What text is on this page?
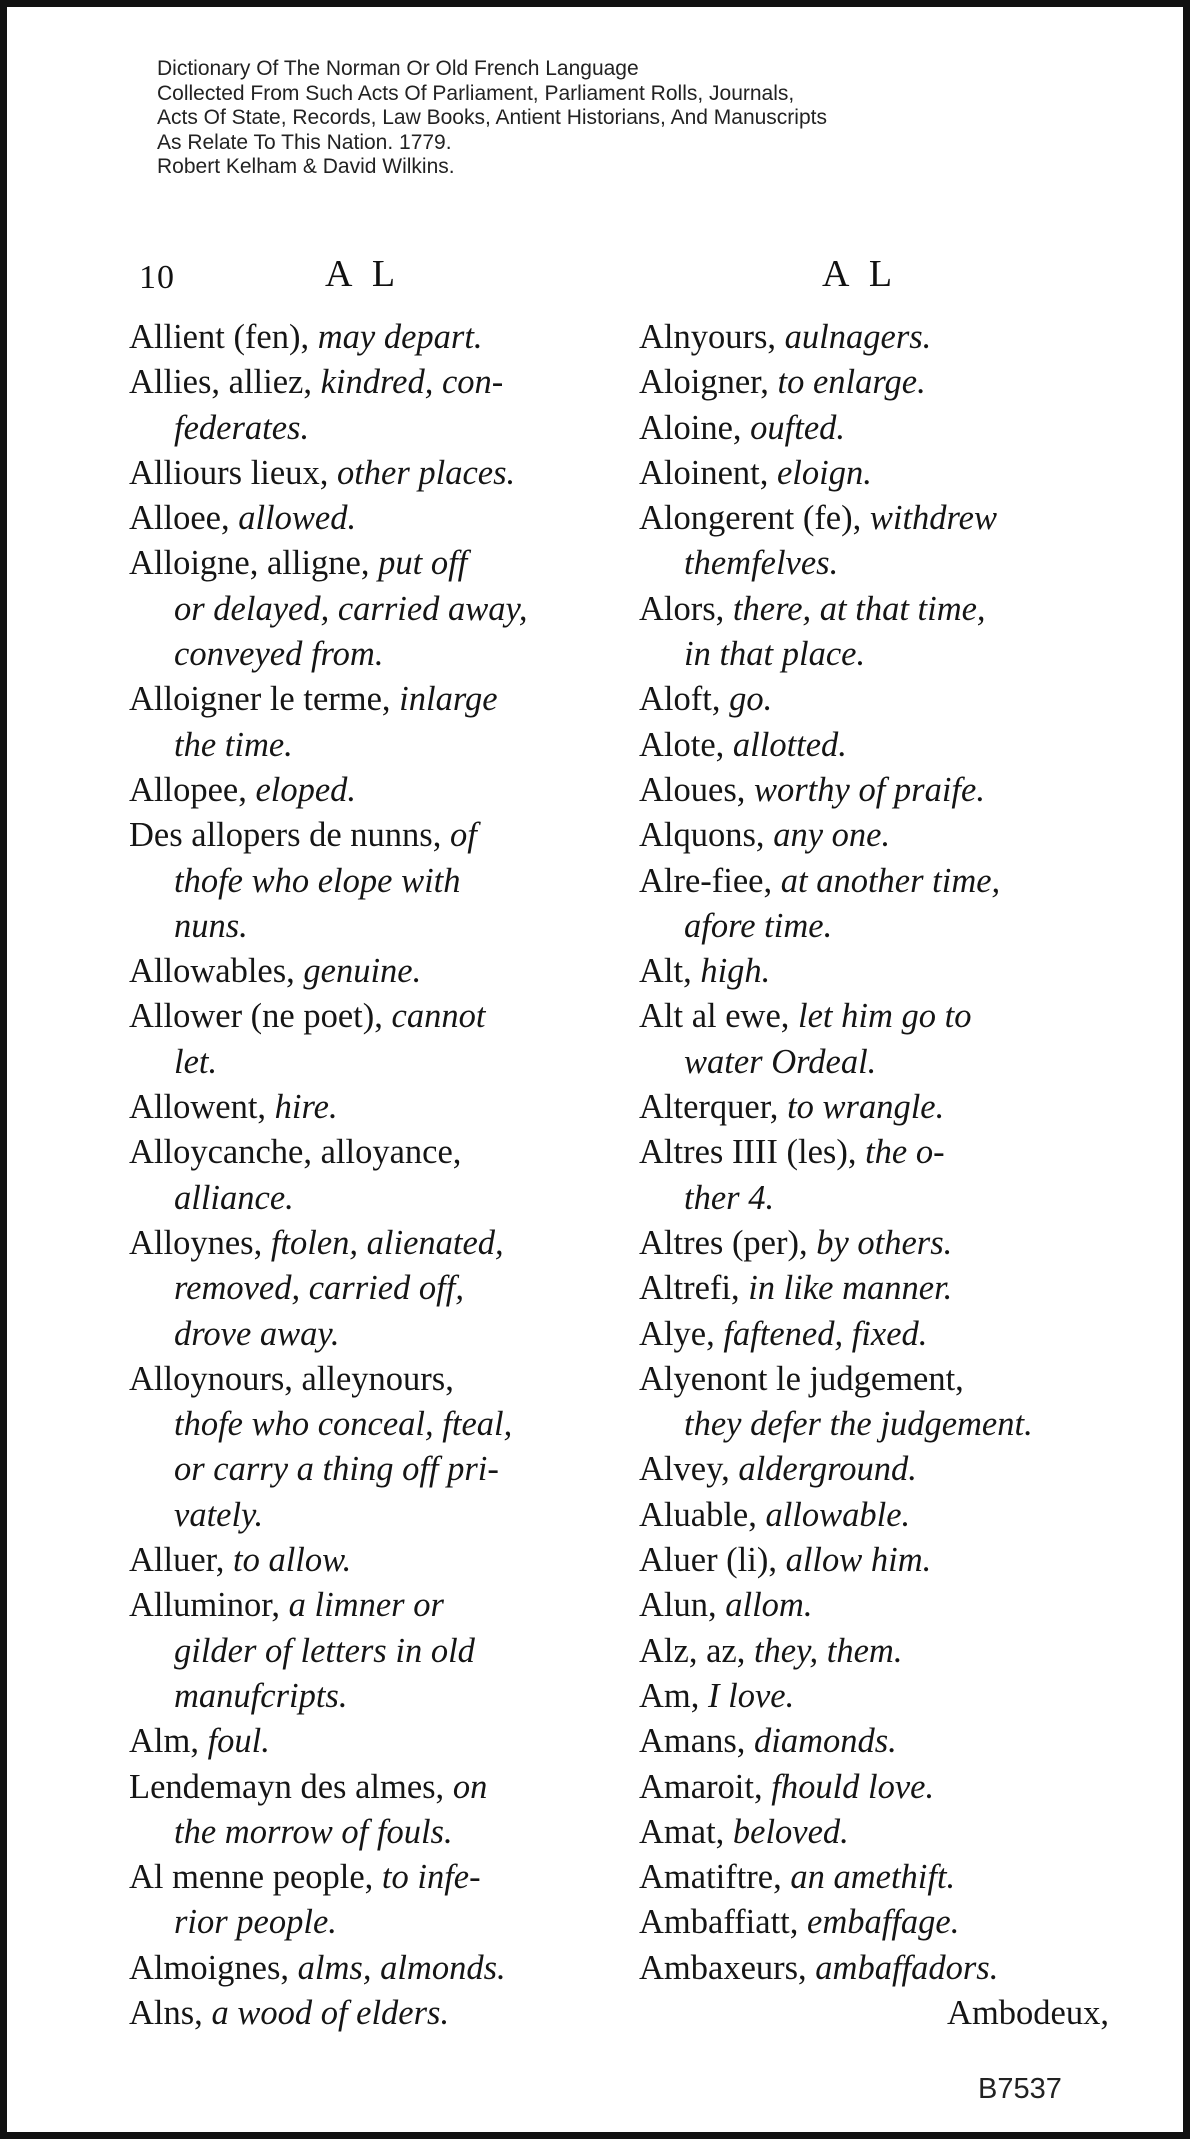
Dictionary Of The Norman Or Old French Language
Collected From Such Acts Of Parliament, Parliament Rolls, Journals,
Acts Of State, Records, Law Books, Antient Historians, And Manuscripts
As Relate To This Nation. 1779.
Robert Kelham & David Wilkins.
10	A L	A L
Allient (fen), may depart.
Allies, alliez, kindred, con-
federates.
Alliours lieux, other places.
Alloee, allowed.
Alloigne, alligne, put off
or delayed, carried away,
conveyed from.
Alloigner le terme, inlarge
the time.
Allopee, eloped.
Des allopers de nunns, of
thofe who elope with
nuns.
Allowables, genuine.
Allower (ne poet), cannot
let.
Allowent, hire.
Alloycanche, alloyance,
alliance.
Alloynes, ftolen, alienated,
removed, carried off,
drove away.
Alloynours, alleynours,
thofe who conceal, fteal,
or carry a thing off pri-
vately.
Alluer, to allow.
Alluminor, a limner or
gilder of letters in old
manufcripts.
Alm, foul.
Lendemayn des almes, on
the morrow of fouls.
Al menne people, to infe-
rior people.
Almoignes, alms, almonds.
Alns, a wood of elders.
Alnyours, aulnagers.
Aloigner, to enlarge.
Aloine, oufted.
Aloinent, eloign.
Alongerent (fe), withdrew
themfelves.
Alors, there, at that time,
in that place.
Aloft, go.
Alote, allotted.
Aloues, worthy of praife.
Alquons, any one.
Alre-fiee, at another time,
afore time.
Alt, high.
Alt al ewe, let him go to
water Ordeal.
Alterquer, to wrangle.
Altres IIII (les), the o-
ther 4.
Altres (per), by others.
Altrefi, in like manner.
Alye, faftened, fixed.
Alyenont le judgement,
they defer the judgement.
Alvey, alderground.
Aluable, allowable.
Aluer (li), allow him.
Alun, allom.
Alz, az, they, them.
Am, I love.
Amans, diamonds.
Amaroit, fhould love.
Amat, beloved.
Amatiftre, an amethift.
Ambaffiatt, embaffage.
Ambaxeurs, ambaffadors.
Ambodeux,
B7537
